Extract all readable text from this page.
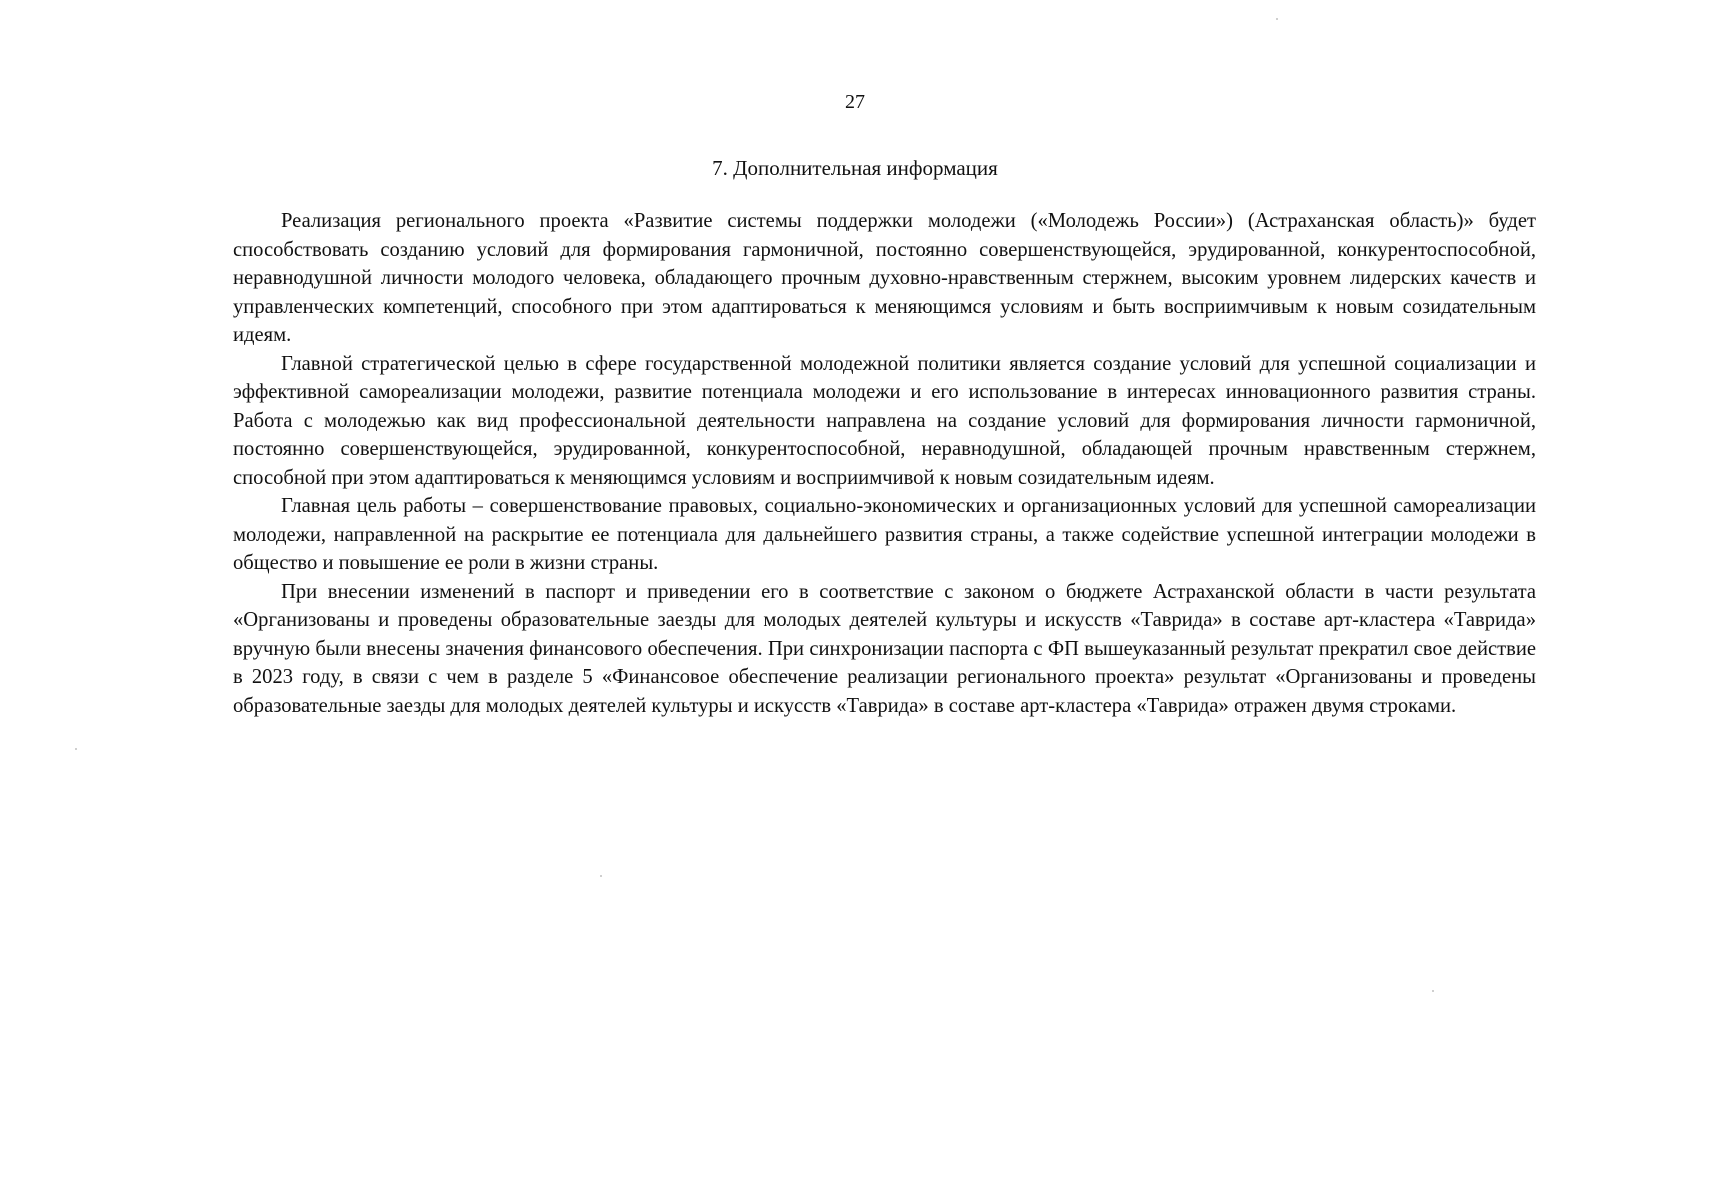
27
7. Дополнительная информация

Реализация регионального проекта «Развитие системы поддержки молодежи («Молодежь России») (Астраханская область)» будет способствовать созданию условий для формирования гармоничной, постоянно совершенствующейся, эрудированной, конкурентоспособной, неравнодушной личности молодого человека, обладающего прочным духовно-нравственным стержнем, высоким уровнем лидерских качеств и управленческих компетенций, способного при этом адаптироваться к меняющимся условиям и быть восприимчивым к новым созидательным идеям.

Главной стратегической целью в сфере государственной молодежной политики является создание условий для успешной социализации и эффективной самореализации молодежи, развитие потенциала молодежи и его использование в интересах инновационного развития страны. Работа с молодежью как вид профессиональной деятельности направлена на создание условий для формирования личности гармоничной, постоянно совершенствующейся, эрудированной, конкурентоспособной, неравнодушной, обладающей прочным нравственным стержнем, способной при этом адаптироваться к меняющимся условиям и восприимчивой к новым созидательным идеям.

Главная цель работы – совершенствование правовых, социально-экономических и организационных условий для успешной самореализации молодежи, направленной на раскрытие ее потенциала для дальнейшего развития страны, а также содействие успешной интеграции молодежи в общество и повышение ее роли в жизни страны.

При внесении изменений в паспорт и приведении его в соответствие с законом о бюджете Астраханской области в части результата «Организованы и проведены образовательные заезды для молодых деятелей культуры и искусств «Таврида» в составе арт-кластера «Таврида» вручную были внесены значения финансового обеспечения. При синхронизации паспорта с ФП вышеуказанный результат прекратил свое действие в 2023 году, в связи с чем в разделе 5 «Финансовое обеспечение реализации регионального проекта» результат «Организованы и проведены образовательные заезды для молодых деятелей культуры и искусств «Таврида» в составе арт-кластера «Таврида» отражен двумя строками.
